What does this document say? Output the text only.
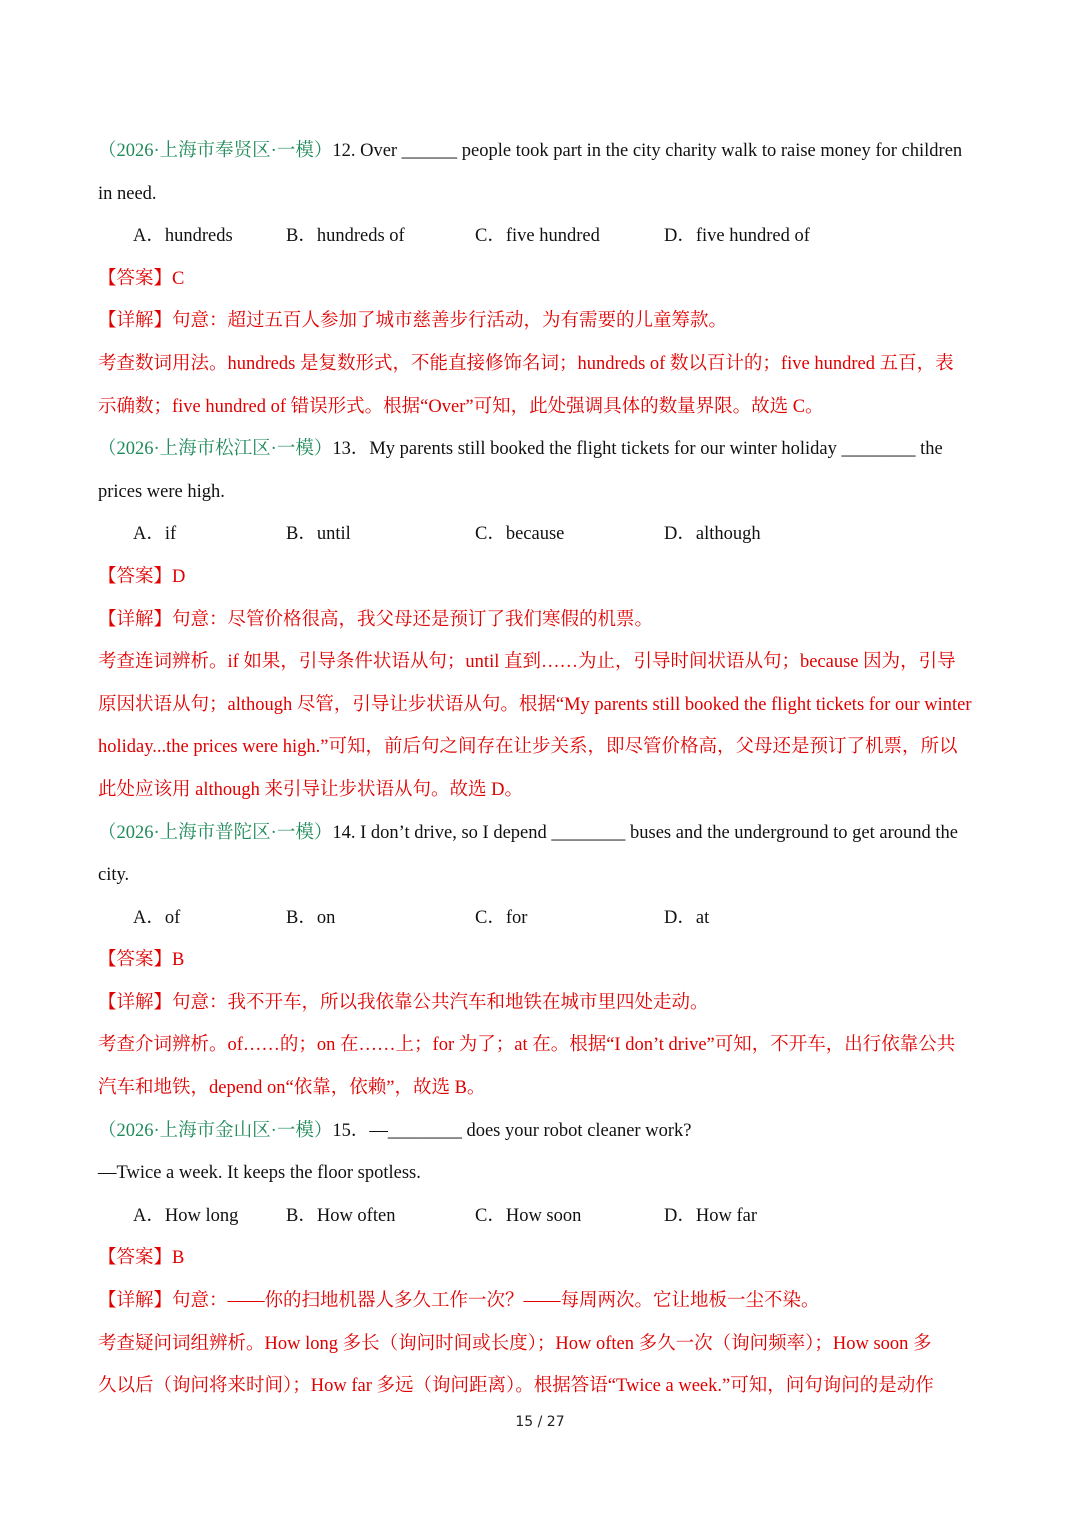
（2026·上海市奉贤区·一模）12. Over ______ people took part in the city charity walk to raise money for children
in need.
A．hundreds	B．hundreds of	C．five hundred	D．five hundred of
【答案】C
【详解】句意：超过五百人参加了城市慈善步行活动，为有需要的儿童筹款。
考查数词用法。hundreds 是复数形式，不能直接修饰名词；hundreds of 数以百计的；five hundred 五百，表
示确数；five hundred of 错误形式。根据“Over”可知，此处强调具体的数量界限。故选 C。
（2026·上海市松江区·一模）13．My parents still booked the flight tickets for our winter holiday ________ the
prices were high.
A．if	B．until	C．because	D．although
【答案】D
【详解】句意：尽管价格很高，我父母还是预订了我们寒假的机票。
考查连词辨析。if 如果，引导条件状语从句；until 直到……为止，引导时间状语从句；because 因为，引导
原因状语从句；although 尽管，引导让步状语从句。根据“My parents still booked the flight tickets for our winter
holiday...the prices were high.”可知，前后句之间存在让步关系，即尽管价格高，父母还是预订了机票，所以
此处应该用 although 来引导让步状语从句。故选 D。
（2026·上海市普陀区·一模）14. I don’t drive, so I depend ________ buses and the underground to get around the
city.
A．of	B．on	C．for	D．at
【答案】B
【详解】句意：我不开车，所以我依靠公共汽车和地铁在城市里四处走动。
考查介词辨析。of……的；on 在……上；for 为了；at 在。根据“I don’t drive”可知，不开车，出行依靠公共
汽车和地铁，depend on“依靠，依赖”，故选 B。
（2026·上海市金山区·一模）15．—________ does your robot cleaner work?
—Twice a week. It keeps the floor spotless.
A．How long	B．How often	C．How soon	D．How far
【答案】B
【详解】句意：——你的扫地机器人多久工作一次？——每周两次。它让地板一尘不染。
考查疑问词组辨析。How long 多长（询问时间或长度）；How often 多久一次（询问频率）；How soon 多
久以后（询问将来时间）；How far 多远（询问距离）。根据答语“Twice a week.”可知，问句询问的是动作
15 / 27
